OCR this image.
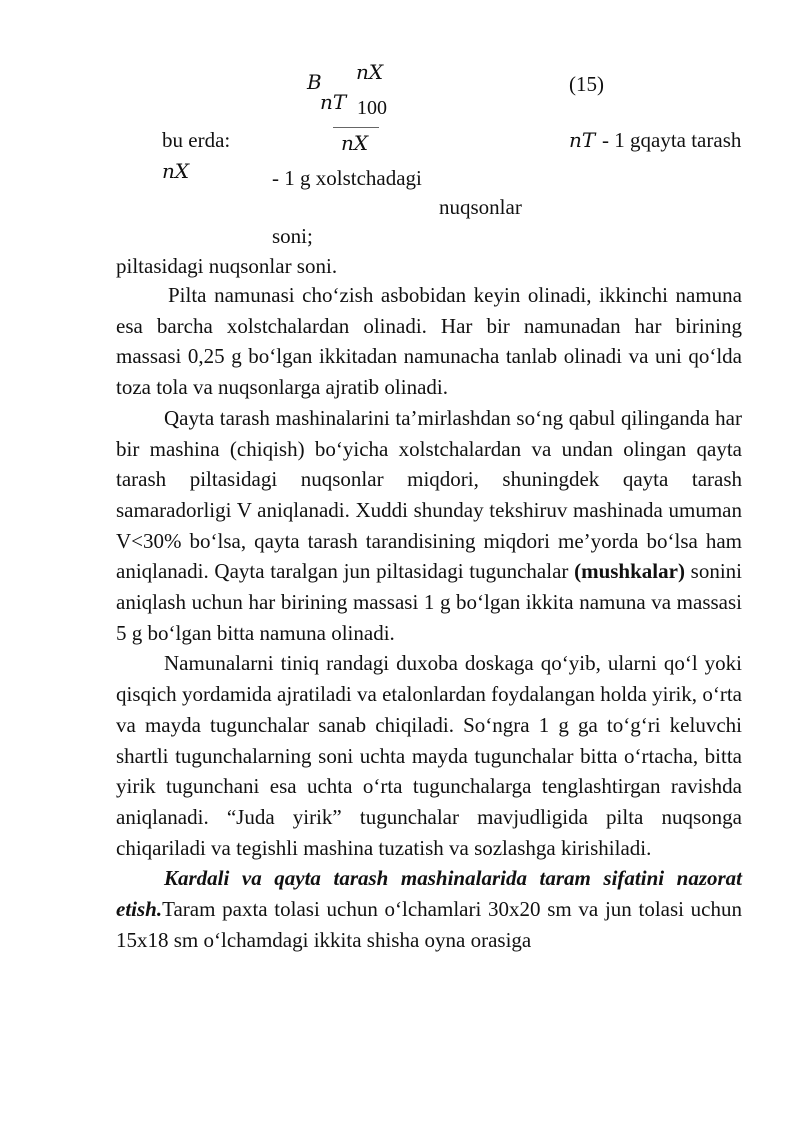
B nX
nT 100
nX
(15)
bu erda:	nT - 1 gqayta tarash
nX	- 1 g xolstchadagi
nuqsonlar
soni;
piltasidagi nuqsonlar soni.

Pilta namunasi cho‘zish asbobidan keyin olinadi, ikkinchi namuna esa barcha xolstchalardan olinadi. Har bir namunadan har birining massasi 0,25 g bo‘lgan ikkitadan namunacha tanlab olinadi va uni qo‘lda toza tola va nuqsonlarga ajratib olinadi.

Qayta tarash mashinalarini ta’mirlashdan so‘ng qabul qilinganda har bir mashina (chiqish) bo‘yicha xolstchalardan va undan olingan qayta tarash piltasidagi nuqsonlar miqdori, shuningdek qayta tarash samaradorligi V aniqlanadi. Xuddi shunday tekshiruv mashinada umuman V<30% bo‘lsa, qayta tarash tarandisining miqdori me’yorda bo‘lsa ham aniqlanadi. Qayta taralgan jun piltasidagi tugunchalar (mushkalar) sonini aniqlash uchun har birining massasi 1 g bo‘lgan ikkita namuna va massasi 5 g bo‘lgan bitta namuna olinadi.

Namunalarni tiniq randagi duxoba doskaga qo‘yib, ularni qo‘l yoki qisqich yordamida ajratiladi va etalonlardan foydalangan holda yirik, o‘rta va mayda tugunchalar sanab chiqiladi. So‘ngra 1 g ga to‘g‘ri keluvchi shartli tugunchalarning soni uchta mayda tugunchalar bitta o‘rtacha, bitta yirik tugunchani esa uchta o‘rta tugunchalarga tenglashtirgan ravishda aniqlanadi. “Juda yirik” tugunchalar mavjudligida pilta nuqsonga chiqariladi va tegishli mashina tuzatish va sozlashga kirishiladi.

Kardali va qayta tarash mashinalarida taram sifatini nazorat etish.Taram paxta tolasi uchun o‘lchamlari 30x20 sm va jun tolasi uchun 15x18 sm o‘lchamdagi ikkita shisha oyna orasiga
